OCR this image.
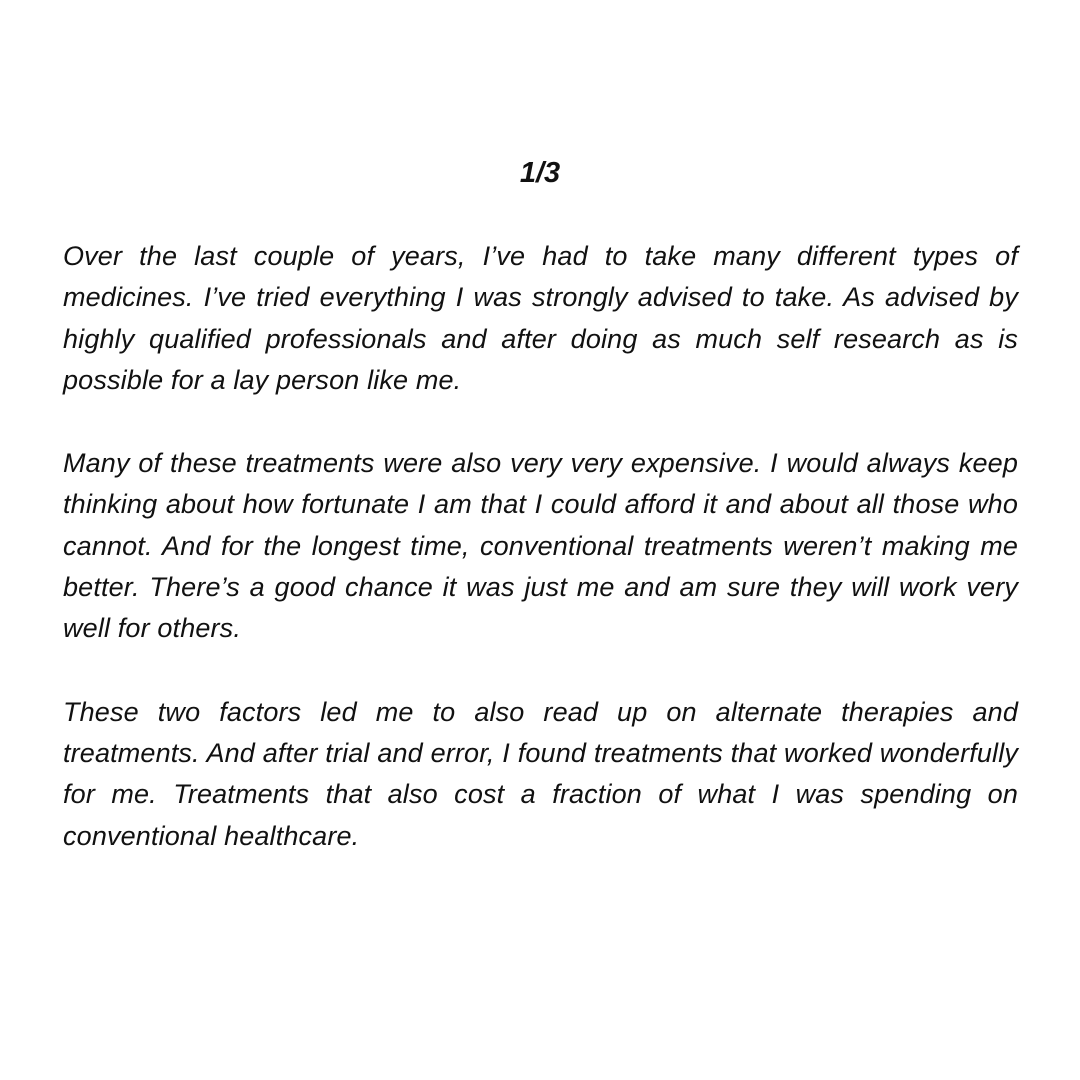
1/3

Over the last couple of years, I’ve had to take many different types of medicines. I’ve tried everything I was strongly advised to take. As advised by highly qualified professionals and after doing as much self research as is possible for a lay person like me.

Many of these treatments were also very very expensive. I would always keep thinking about how fortunate I am that I could afford it and about all those who cannot. And for the longest time, conventional treatments weren’t making me better. There’s a good chance it was just me and am sure they will work very well for others.

These two factors led me to also read up on alternate therapies and treatments. And after trial and error, I found treatments that worked wonderfully for me. Treatments that also cost a fraction of what I was spending on conventional healthcare.
